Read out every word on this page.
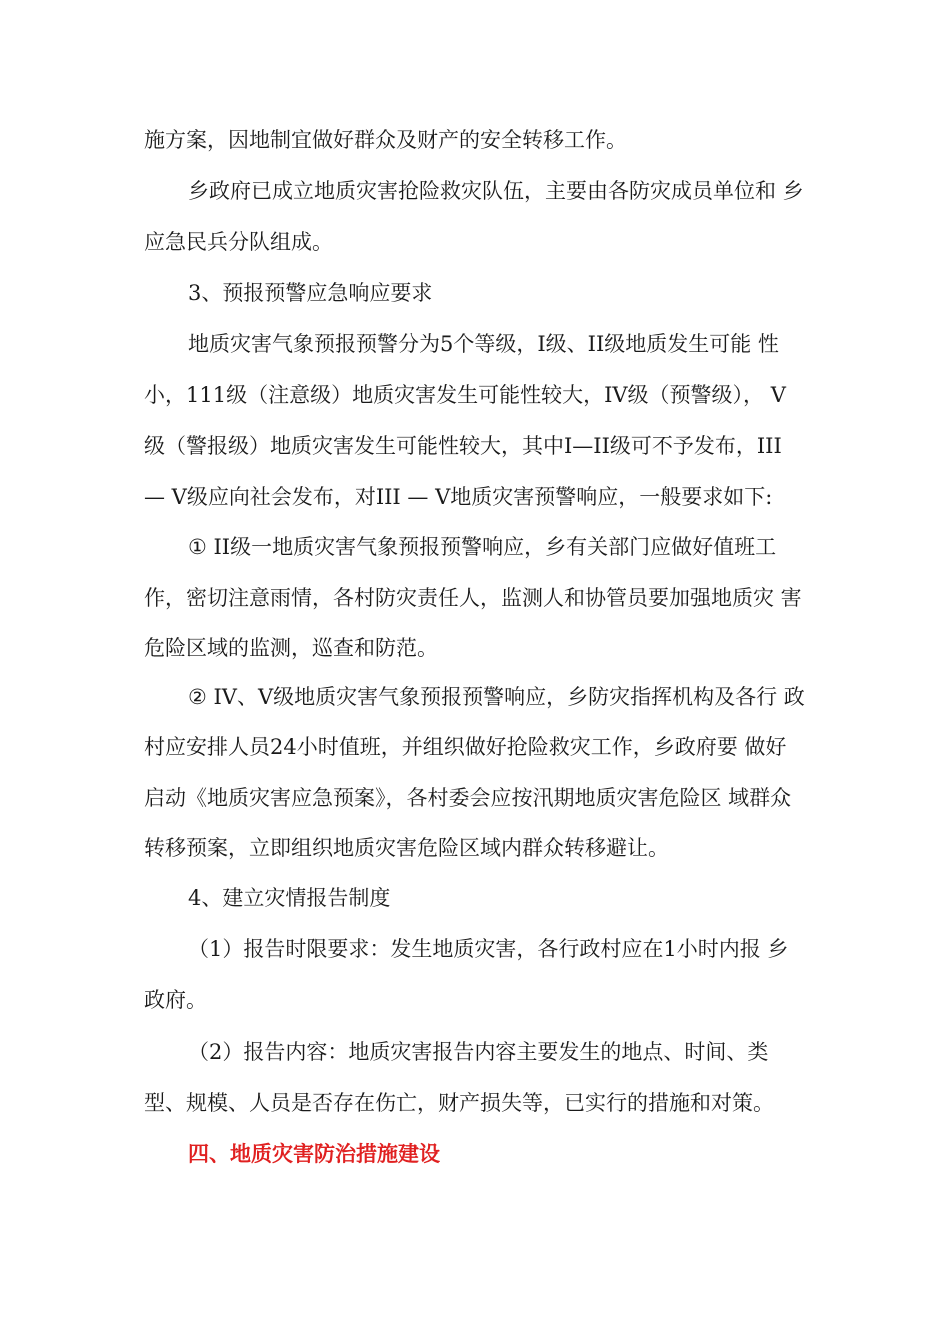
施方案，因地制宜做好群众及财产的安全转移工作。
乡政府已成立地质灾害抢险救灾队伍，主要由各防灾成员单位和 乡
应急民兵分队组成。
3、预报预警应急响应要求
地质灾害气象预报预警分为5个等级，I级、II级地质发生可能 性
小，111级（注意级）地质灾害发生可能性较大，IV级（预警级）， V
级（警报级）地质灾害发生可能性较大，其中I—II级可不予发布，III
— V级应向社会发布，对III — V地质灾害预警响应，一般要求如下:
① II级一地质灾害气象预报预警响应，乡有关部门应做好值班工
作，密切注意雨情，各村防灾责任人，监测人和协管员要加强地质灾 害
危险区域的监测，巡查和防范。
② IV、V级地质灾害气象预报预警响应，乡防灾指挥机构及各行 政
村应安排人员24小时值班，并组织做好抢险救灾工作，乡政府要 做好
启动《地质灾害应急预案》，各村委会应按汛期地质灾害危险区 域群众
转移预案，立即组织地质灾害危险区域内群众转移避让。
4、建立灾情报告制度
（1）报告时限要求：发生地质灾害，各行政村应在1小时内报 乡
政府。
（2）报告内容：地质灾害报告内容主要发生的地点、时间、类
型、规模、人员是否存在伤亡，财产损失等，已实行的措施和对策。
四、地质灾害防治措施建设
